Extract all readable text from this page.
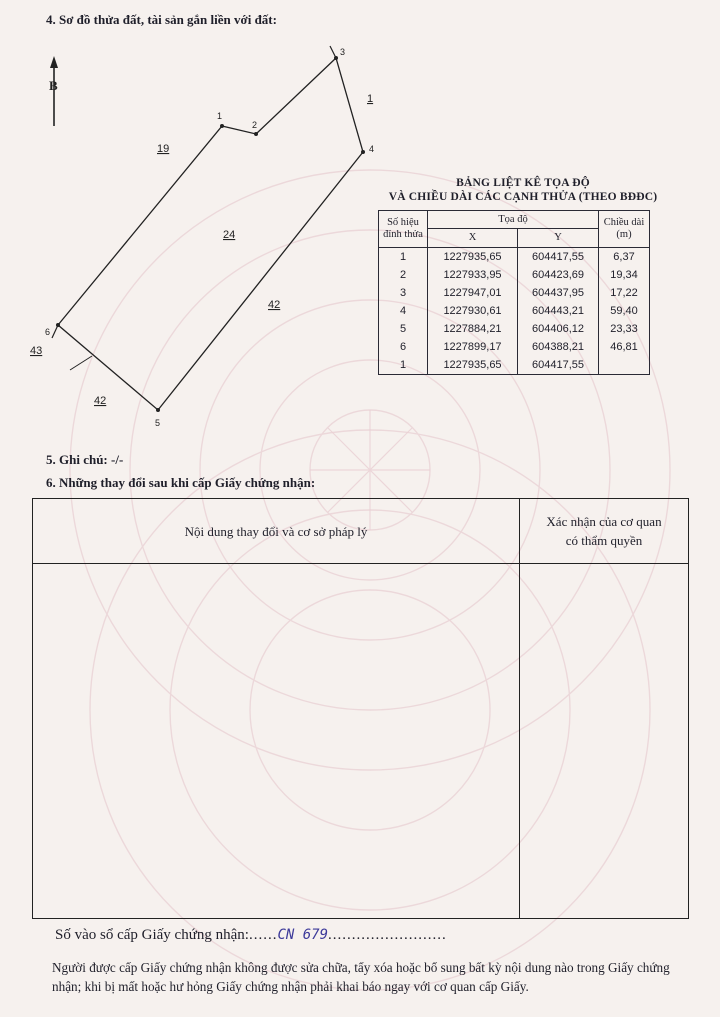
4. Sơ đồ thửa đất, tài sản gắn liền với đất:
B
1
2
3
4
5
6
24
19
1
42
43
42
BẢNG LIỆT KÊ TỌA ĐỘ
VÀ CHIỀU DÀI CÁC CẠNH THỬA (THEO BĐĐC)
Số hiệu đỉnh thửa	Tọa độ		Chiều dài (m)
	X	Y	
1	1227935,65	604417,55	6,37
2	1227933,95	604423,69	19,34
3	1227947,01	604437,95	17,22
4	1227930,61	604443,21	59,40
5	1227884,21	604406,12	23,33
6	1227899,17	604388,21	46,81
1	1227935,65	604417,55	
5. Ghi chú: -/-
6. Những thay đổi sau khi cấp Giấy chứng nhận:
Nội dung thay đổi và cơ sở pháp lý	Xác nhận của cơ quan
có thẩm quyền

Số vào sổ cấp Giấy chứng nhận:......CN 679.........................
Người được cấp Giấy chứng nhận không được sửa chữa, tẩy xóa hoặc bổ sung bất kỳ nội dung nào trong Giấy chứng nhận; khi bị mất hoặc hư hỏng Giấy chứng nhận phải khai báo ngay với cơ quan cấp Giấy.
